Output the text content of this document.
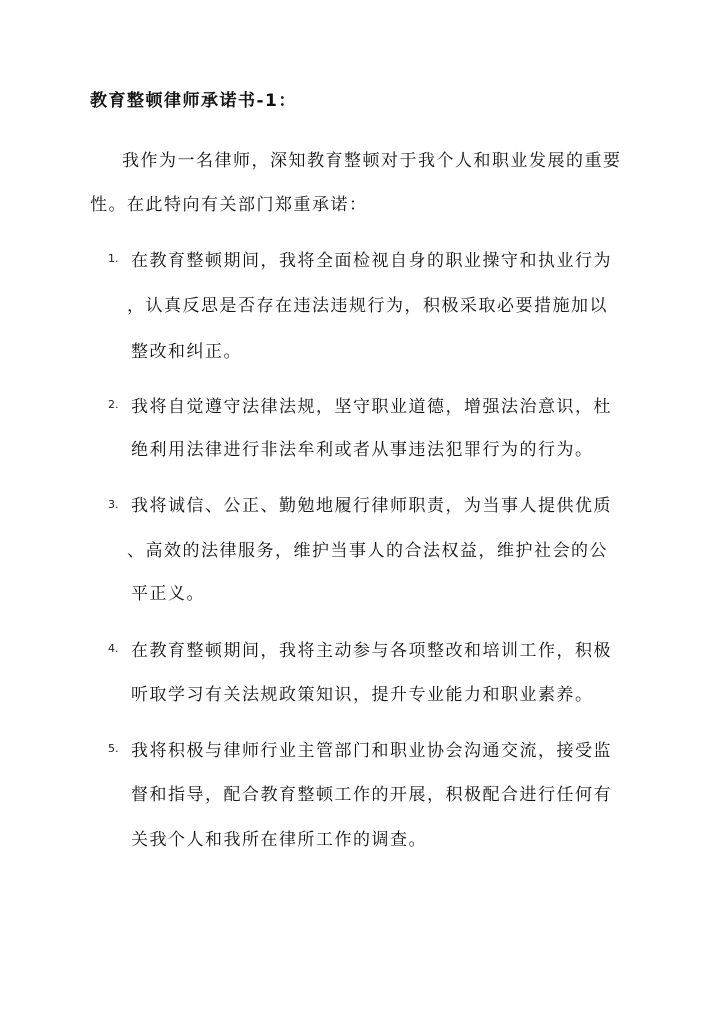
教育整顿律师承诺书-1：
我作为一名律师，深知教育整顿对于我个人和职业发展的重要
性。在此特向有关部门郑重承诺：
1. 在教育整顿期间，我将全面检视自身的职业操守和执业行为
，认真反思是否存在违法违规行为，积极采取必要措施加以
整改和纠正。
2. 我将自觉遵守法律法规，坚守职业道德，增强法治意识，杜
绝利用法律进行非法牟利或者从事违法犯罪行为的行为。
3. 我将诚信、公正、勤勉地履行律师职责，为当事人提供优质
、高效的法律服务，维护当事人的合法权益，维护社会的公
平正义。
4. 在教育整顿期间，我将主动参与各项整改和培训工作，积极
听取学习有关法规政策知识，提升专业能力和职业素养。
5. 我将积极与律师行业主管部门和职业协会沟通交流，接受监
督和指导，配合教育整顿工作的开展，积极配合进行任何有
关我个人和我所在律所工作的调查。
